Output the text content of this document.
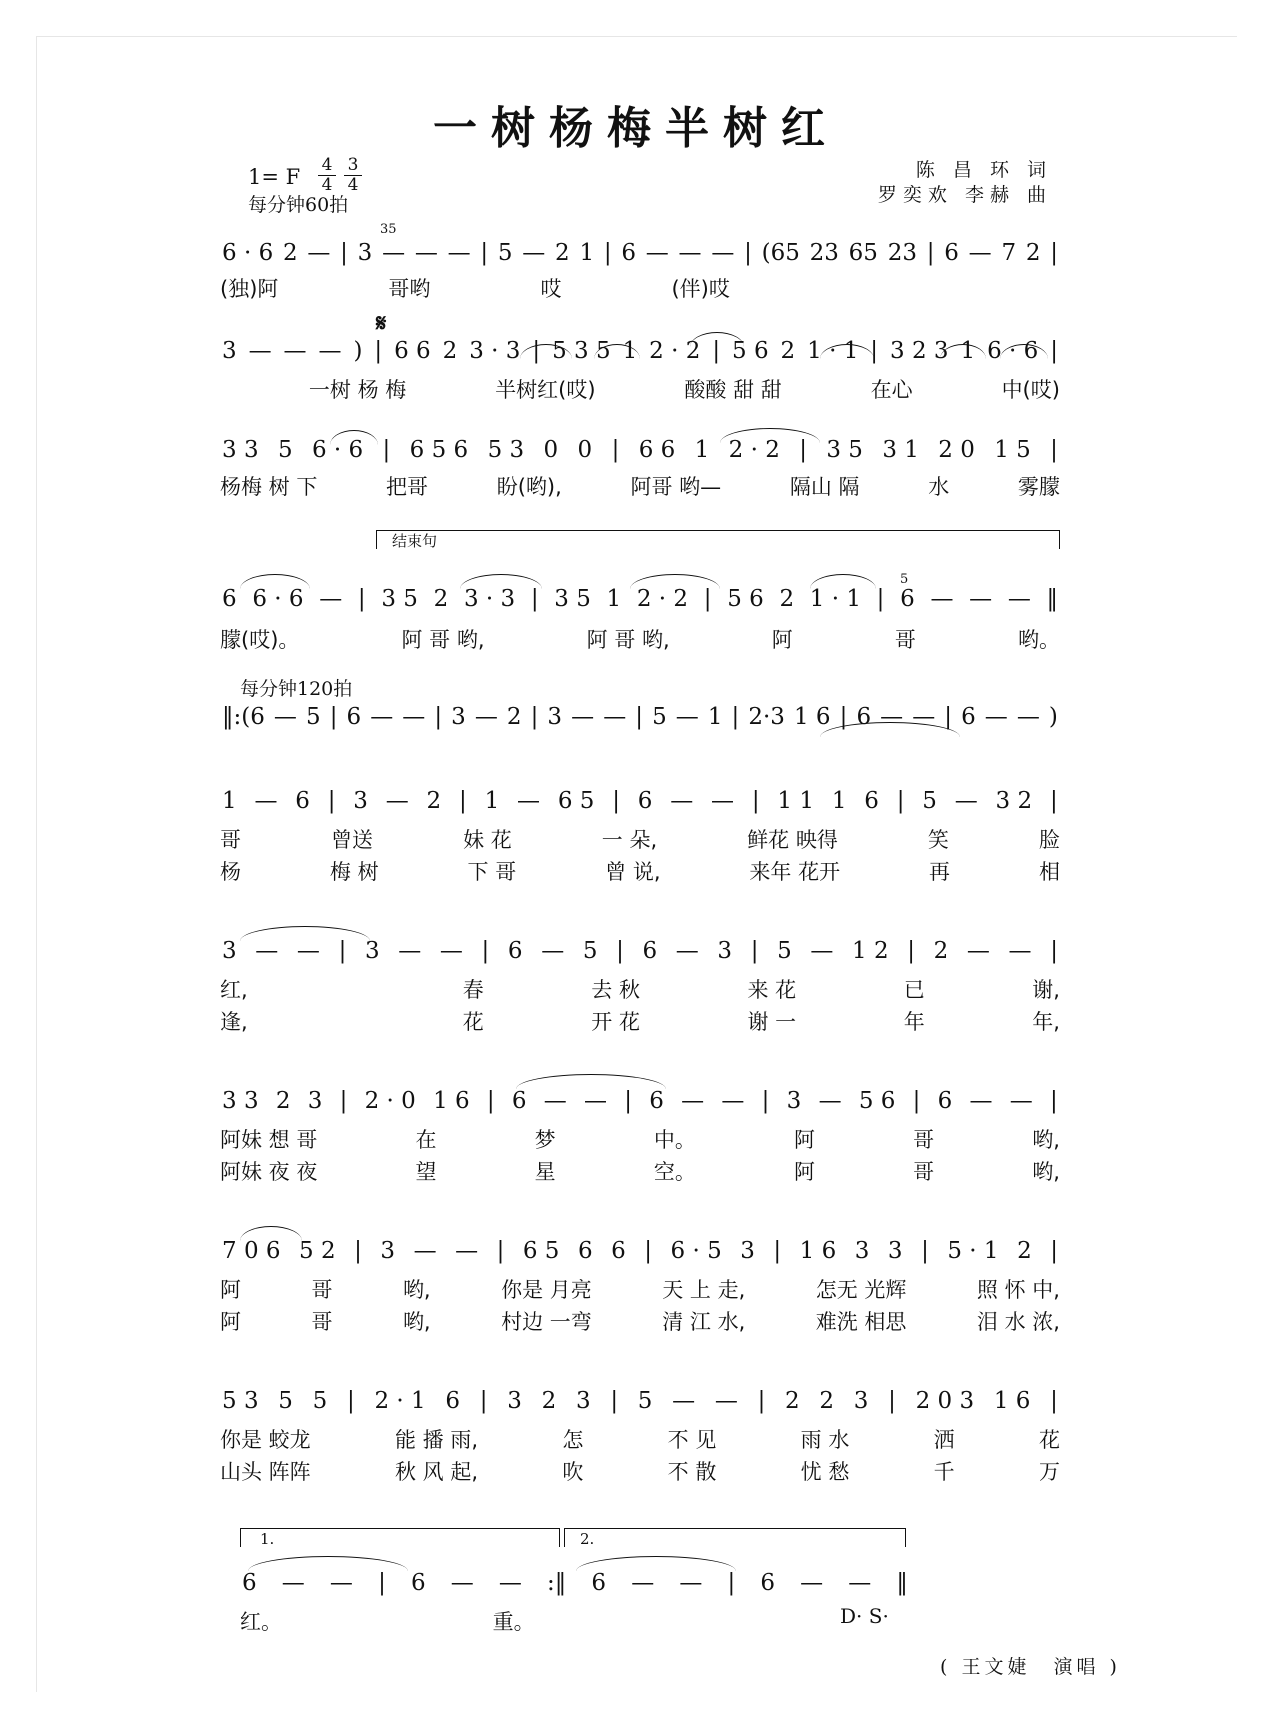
一树杨梅半树红
1= F $\frac{4}{4} \frac{3}{4}$
每分钟60拍
陈 昌 环 词
罗奕欢 李赫 曲
35
𝄋
6 · 6 2 — | 3 — — — | 5 — 2 1 | 6 — — — | (65 23 65 23 | 6 — 7 2 |
(独)阿	哥哟	哎	(伴)哎
3 — — — ) | 6 6 2 3 · 3 | 5 3 5 1 2 · 2 | 5 6 2 1 · 1 | 3 2 3 1 6 · 6 |
一树 杨 梅	半树红(哎)	酸酸 甜 甜	在心	中(哎)
3 3 5 6 · 6 | 6 5 6 5 3 0 0 | 6 6 1 2 · 2 | 3 5 3 1 2 0 1 5 |
杨梅 树 下	把哥	盼(哟),	阿哥 哟—	隔山 隔	水	雾朦
结束句
5
6 6 · 6 — | 3 5 2 3 · 3 | 3 5 1 2 · 2 | 5 6 2 1 · 1 | 6 — — — ‖
朦(哎)。	阿 哥 哟,	阿 哥 哟,	阿	哥	哟。
每分钟120拍
‖:(6 — 5 | 6 — — | 3 — 2 | 3 — — | 5 — 1 | 2·3 1 6 | 6 — — | 6 — — )
1 — 6 | 3 — 2 | 1 — 6 5 | 6 — — | 1 1 1 6 | 5 — 3 2 |
哥	曾送	妹 花	一 朵,	鲜花 映得	笑	脸
杨	梅 树	下 哥	曾 说,	来年 花开	再	相
3 — — | 3 — — | 6 — 5 | 6 — 3 | 5 — 1 2 | 2 — — |
红,	春	去 秋	来 花	已	谢,
逢,	花	开 花	谢 一	年	年,
3 3 2 3 | 2 · 0 1 6 | 6 — — | 6 — — | 3 — 5 6 | 6 — — |
阿妹 想 哥	在	梦	中。	阿	哥	哟,
阿妹 夜 夜	望	星	空。	阿	哥	哟,
7 0 6 5 2 | 3 — — | 6 5 6 6 | 6 · 5 3 | 1 6 3 3 | 5 · 1 2 |
阿	哥	哟,	你是 月亮	天 上 走,	怎无 光辉	照 怀 中,
阿	哥	哟,	村边 一弯	清 江 水,	难洗 相思	泪 水 浓,
5 3 5 5 | 2 · 1 6 | 3 2 3 | 5 — — | 2 2 3 | 2 0 3 1 6 |
你是 蛟龙	能 播 雨,	怎	不 见	雨 水	洒	花
山头 阵阵	秋 风 起,	吹	不 散	忧 愁	千	万
1.	2.
6 — — | 6 — — :‖ 6 — — | 6 — — ‖
红。	重。	D· S·
( 王文婕　演唱 )
